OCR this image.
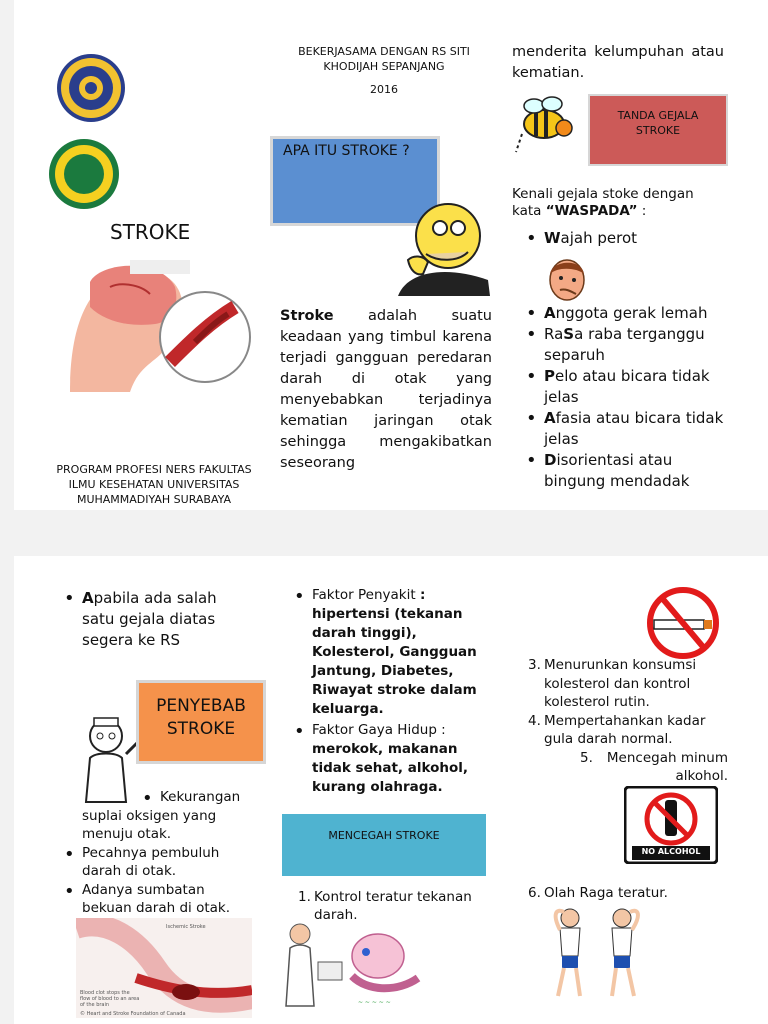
STROKE
PROGRAM PROFESI NERS FAKULTAS ILMU KESEHATAN UNIVERSITAS MUHAMMADIYAH SURABAYA
BEKERJASAMA DENGAN RS SITI KHODIJAH SEPANJANG
2016
APA ITU STROKE ?
Stroke adalah suatu keadaan yang timbul karena terjadi gangguan peredaran darah di otak yang menyebabkan terjadinya kematian jaringan otak sehingga mengakibatkan seseorang
menderita kelumpuhan atau kematian.
TANDA GEJALA STROKE
Kenali gejala stoke dengan kata “WASPADA” :
• Wajah perot
• Anggota gerak lemah
• RaSa raba terganggu separuh
• Pelo atau bicara tidak jelas
• Afasia atau bicara tidak jelas
• Disorientasi atau bingung mendadak
• Apabila ada salah satu gejala diatas segera ke RS
PENYEBAB STROKE
• Kekurangan suplai oksigen yang menuju otak.
• Pecahnya pembuluh darah di otak.
• Adanya sumbatan bekuan darah di otak.
Ischemic Stroke
Blood clot stops the flow of blood to an area of the brain
© Heart and Stroke Foundation of Canada
• Faktor Penyakit :
hipertensi (tekanan darah tinggi), Kolesterol, Gangguan Jantung, Diabetes, Riwayat stroke dalam keluarga.
• Faktor Gaya Hidup :
merokok, makanan tidak sehat, alkohol, kurang olahraga.
MENCEGAH STROKE
1. Kontrol teratur tekanan darah.
~ ~ ~ ~ ~
3. Menurunkan konsumsi kolesterol dan kontrol kolesterol rutin.
4. Mempertahankan kadar gula darah normal.
5.	Mencegah minum alkohol.
NO ALCOHOL
6. Olah Raga teratur.
